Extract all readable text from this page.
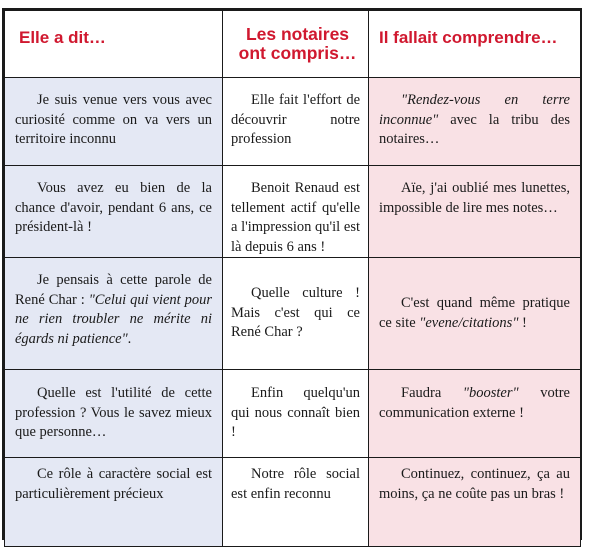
Elle a dit…	Les notaires ont compris…	Il fallait comprendre…

Je suis venue vers vous avec curiosité comme on va vers un territoire inconnu	Elle fait l'effort de découvrir notre profession	"Rendez-vous en terre inconnue" avec la tribu des notaires…

Vous avez eu bien de la chance d'avoir, pendant 6 ans, ce président-là !	Benoit Renaud est tellement actif qu'elle a l'impression qu'il est là depuis 6 ans !	Aïe, j'ai oublié mes lunettes, impossible de lire mes notes…

Je pensais à cette parole de René Char : "Celui qui vient pour ne rien troubler ne mérite ni égards ni patience".	Quelle culture ! Mais c'est qui ce René Char ?	C'est quand même pratique ce site "evene/citations" !

Quelle est l'utilité de cette profession ? Vous le savez mieux que personne…	Enfin quelqu'un qui nous connaît bien !	Faudra "booster" votre communication externe !

Ce rôle à caractère social est particulièrement précieux	Notre rôle social est enfin reconnu	Continuez, continuez, ça au moins, ça ne coûte pas un bras !
